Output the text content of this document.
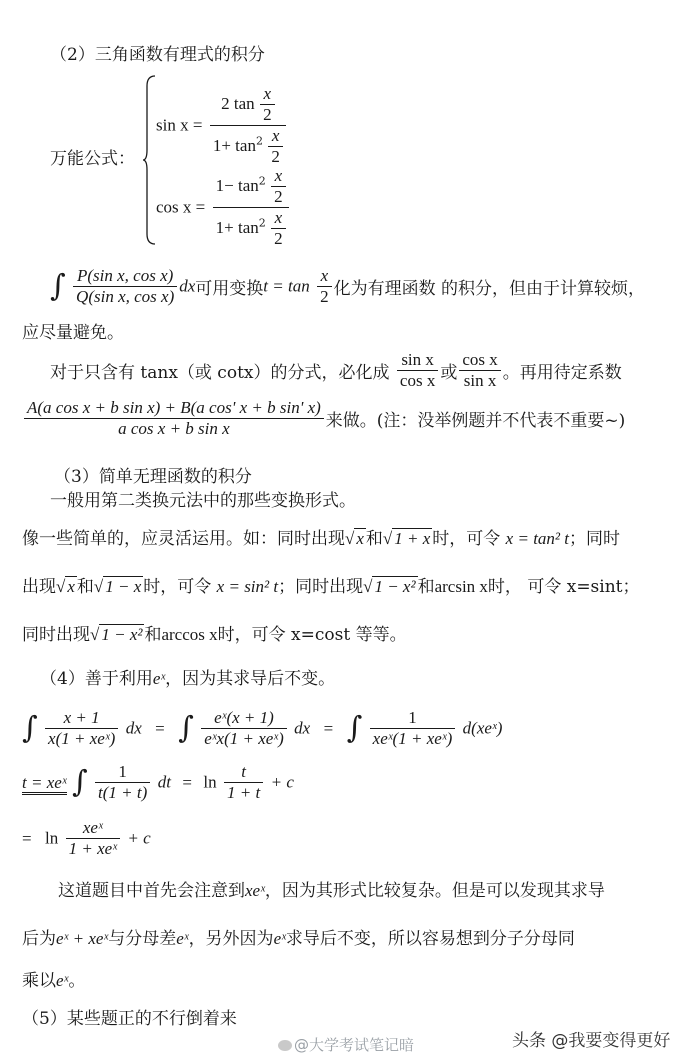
（2）三角函数有理式的积分
万能公式：
$\sin x = \frac{2 \tan \frac{x}{2}}{1+ \tan^2 \frac{x}{2}}$
$\cos x = \frac{1- \tan^2 \frac{x}{2}}{1+ \tan^2 \frac{x}{2}}$
∫ $\frac{\text{P(sin x, cos x)}}{\text{Q(sin x, cos x)}}$ dx可用变换$t = \tan \frac{x}{2}$ 化为有理函数 的积分，但由于计算较烦，
应尽量避免。
对于只含有 tanx（或 cotx）的分式，必化成 $\frac{\text{sin x}}{\text{cos x}}$ 或 $\frac{\text{cos x}}{\text{sin x}}$ 。再用待定系数
$\frac{\text{A(a cos x + b sin x) + B(a cos' x + b sin' x)}}{\text{a cos x + b sin x}}$ 来做。(注：没举例题并不代表不重要~)
（3）简单无理函数的积分
一般用第二类换元法中的那些变换形式。
像一些简单的，应灵活运用。如：同时出现√ x 和√ 1 + x 时，可令 x = tan² t；同时
出现√ x 和√ 1 − x 时，可令 x = sin² t；同时出现√ 1 − x² 和arcsin x时， 可令 x=sint；
同时出现√ 1 − x² 和arccos x时，可令 x=cost 等等。
（4）善于利用eˣ，因为其求导后不变。
∫ $\frac{x + 1}{\text{x(1 + xeˣ)}}$ dx = ∫ $\frac{\text{eˣ(x + 1)}}{\text{eˣx(1 + xeˣ)}}$ dx = ∫ $\frac{1}{\text{xeˣ(1 + xeˣ)}}$ d(xeˣ)
t = xeˣ ∫ $\frac{1}{t(1 + t)}$ dt = $\ln \frac{t}{1 + t} + c$
= $\ln \frac{\text{xeˣ}}{\text{1 + xeˣ}} + c$
这道题目中首先会注意到xeˣ，因为其形式比较复杂。但是可以发现其求导
后为eˣ + xeˣ与分母差eˣ，另外因为eˣ求导后不变，所以容易想到分子分母同
乘以eˣ。
（5）某些题正的不行倒着来
@大学考试笔记暗	头条 @我要变得更好
